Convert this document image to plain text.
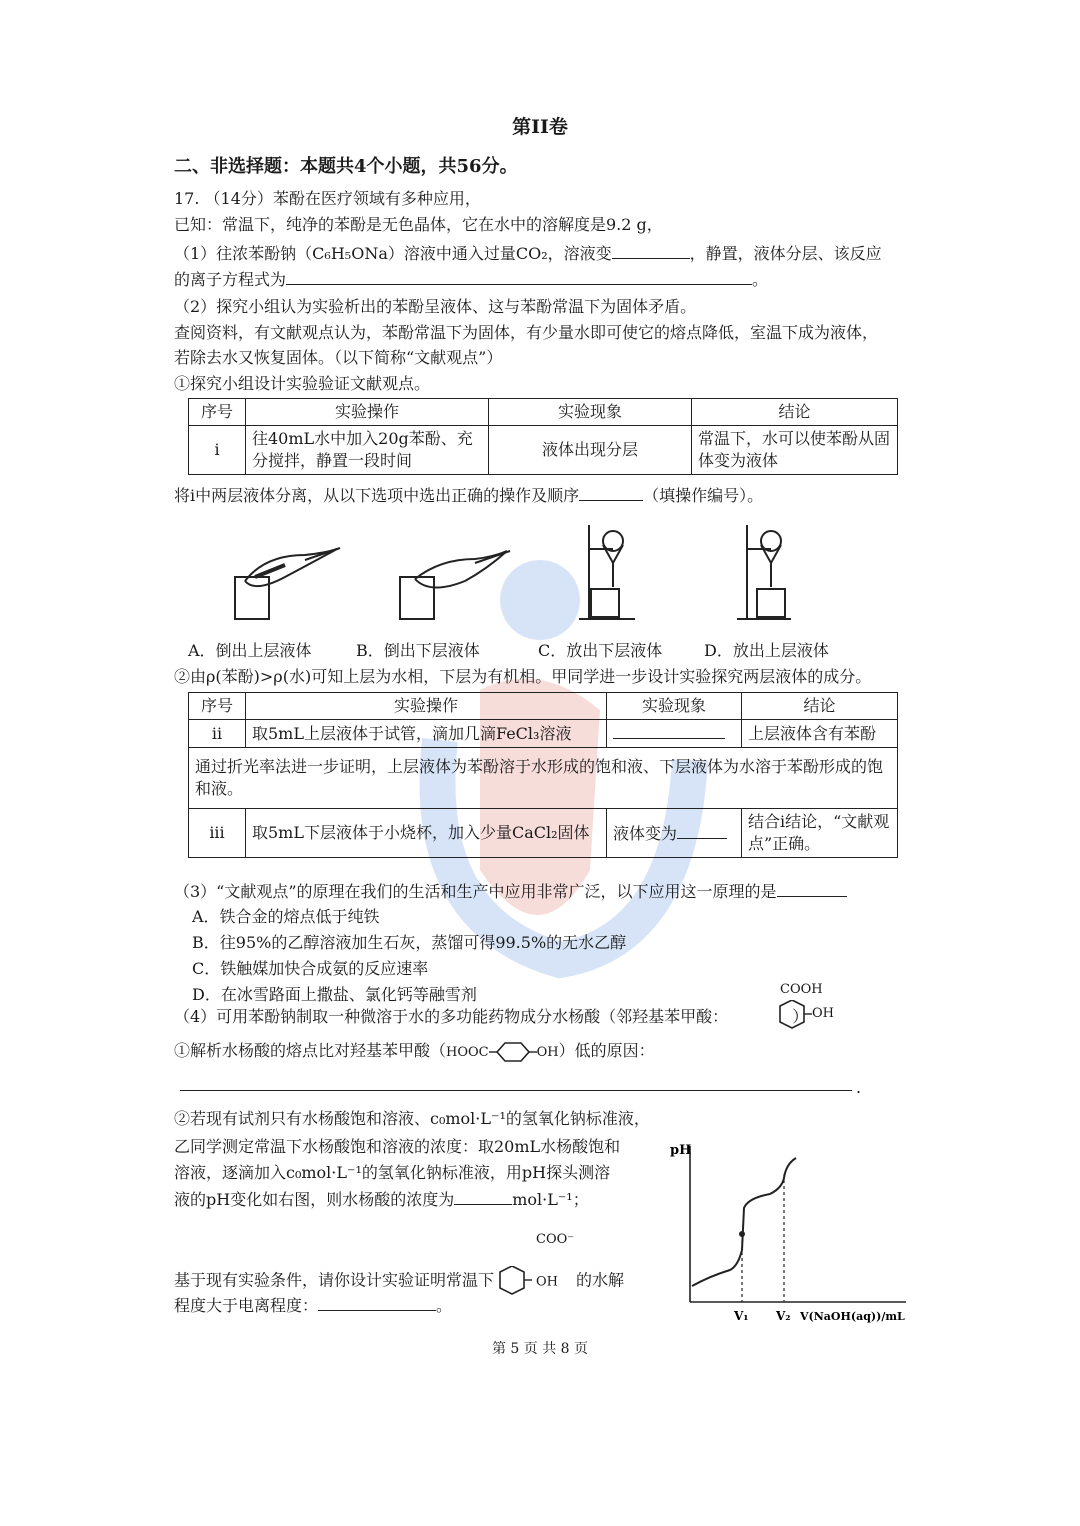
第II卷
二、非选择题：本题共4个小题，共56分。
17. （14分）苯酚在医疗领域有多种应用，
已知：常温下，纯净的苯酚是无色晶体，它在水中的溶解度是9.2 g，
（1）往浓苯酚钠（C₆H₅ONa）溶液中通入过量CO₂，溶液变	，静置，液体分层、该反应
的离子方程式为	。
（2）探究小组认为实验析出的苯酚呈液体、这与苯酚常温下为固体矛盾。
查阅资料，有文献观点认为，苯酚常温下为固体，有少量水即可使它的熔点降低，室温下成为液体，
若除去水又恢复固体。（以下简称“文献观点”）
①探究小组设计实验验证文献观点。
序号	实验操作	实验现象	结论
i	往40mL水中加入20g苯酚、充分搅拌，静置一段时间	液体出现分层	常温下，水可以使苯酚从固体变为液体
将i中两层液体分离，从以下选项中选出正确的操作及顺序	（填操作编号）。
A．倒出上层液体	B．倒出下层液体	C．放出下层液体	D．放出上层液体
②由ρ(苯酚)>ρ(水)可知上层为水相，下层为有机相。甲同学进一步设计实验探究两层液体的成分。
序号	实验操作	实验现象	结论
ii	取5mL上层液体于试管，滴加几滴FeCl₃溶液		上层液体含有苯酚
通过折光率法进一步证明，上层液体为苯酚溶于水形成的饱和液、下层液体为水溶于苯酚形成的饱和液。			
iii	取5mL下层液体于小烧杯，加入少量CaCl₂固体	液体变为	结合i结论，“文献观点”正确。
（3）“文献观点”的原理在我们的生活和生产中应用非常广泛，以下应用这一原理的是
A．铁合金的熔点低于纯铁
B．往95%的乙醇溶液加生石灰，蒸馏可得99.5%的无水乙醇
C．铁触媒加快合成氨的反应速率
D．在冰雪路面上撒盐、氯化钙等融雪剂	COOH
OH
（4）可用苯酚钠制取一种微溶于水的多功能药物成分水杨酸（邻羟基苯甲酸：	）
①解析水杨酸的熔点比对羟基苯甲酸（HOOC	OH）低的原因：
.
②若现有试剂只有水杨酸饱和溶液、c₀mol·L⁻¹的氢氧化钠标准液，
乙同学测定常温下水杨酸饱和溶液的浓度：取20mL水杨酸饱和
溶液，逐滴加入c₀mol·L⁻¹的氢氧化钠标准液，用pH探头测溶
液的pH变化如右图，则水杨酸的浓度为	mol·L⁻¹；
COO⁻
基于现有实验条件，请你设计实验证明常温下	OH 的水解
程度大于电离程度：	。
pH
V₁ V₂ V(NaOH(aq))/mL
第 5 页 共 8 页
